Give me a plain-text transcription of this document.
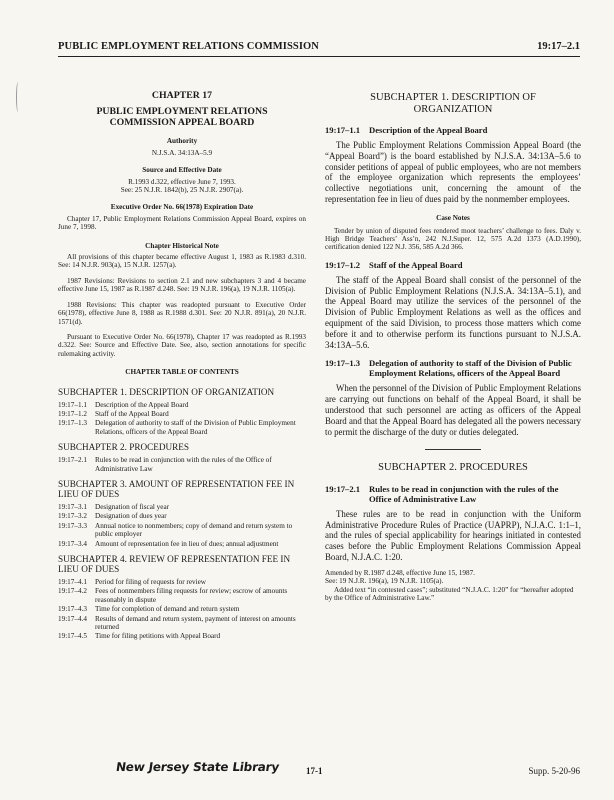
PUBLIC EMPLOYMENT RELATIONS COMMISSION	19:17–2.1
CHAPTER 17
PUBLIC EMPLOYMENT RELATIONS
COMMISSION APPEAL BOARD
Authority
N.J.S.A. 34:13A–5.9
Source and Effective Date
R.1993 d.322, effective June 7, 1993.
See: 25 N.J.R. 1842(b), 25 N.J.R. 2907(a).
Executive Order No. 66(1978) Expiration Date

Chapter 17, Public Employment Relations Commission Appeal Board, expires on June 7, 1998.

Chapter Historical Note

All provisions of this chapter became effective August 1, 1983 as R.1983 d.310. See: 14 N.J.R. 903(a), 15 N.J.R. 1257(a).

1987 Revisions: Revisions to section 2.1 and new subchapters 3 and 4 became effective June 15, 1987 as R.1987 d.248. See: 19 N.J.R. 196(a), 19 N.J.R. 1105(a).

1988 Revisions: This chapter was readopted pursuant to Executive Order 66(1978), effective June 8, 1988 as R.1988 d.301. See: 20 N.J.R. 891(a), 20 N.J.R. 1571(d).

Pursuant to Executive Order No. 66(1978), Chapter 17 was readopted as R.1993 d.322. See: Source and Effective Date. See, also, section annotations for specific rulemaking activity.

CHAPTER TABLE OF CONTENTS
SUBCHAPTER 1. DESCRIPTION OF ORGANIZATION
19:17–1.1	Description of the Appeal Board
19:17–1.2	Staff of the Appeal Board
19:17–1.3	Delegation of authority to staff of the Division of Public Employment Relations, officers of the Appeal Board
SUBCHAPTER 2. PROCEDURES
19:17–2.1	Rules to be read in conjunction with the rules of the Office of Administrative Law
SUBCHAPTER 3. AMOUNT OF REPRESENTATION FEE IN LIEU OF DUES
19:17–3.1	Designation of fiscal year
19:17–3.2	Designation of dues year
19:17–3.3	Annual notice to nonmembers; copy of demand and return system to public employer
19:17–3.4	Amount of representation fee in lieu of dues; annual adjustment
SUBCHAPTER 4. REVIEW OF REPRESENTATION FEE IN LIEU OF DUES
19:17–4.1	Period for filing of requests for review
19:17–4.2	Fees of nonmembers filing requests for review; escrow of amounts reasonably in dispute
19:17–4.3	Time for completion of demand and return system
19:17–4.4	Results of demand and return system, payment of interest on amounts returned
19:17–4.5	Time for filing petitions with Appeal Board
SUBCHAPTER 1. DESCRIPTION OF
ORGANIZATION
19:17–1.1	Description of the Appeal Board

The Public Employment Relations Commission Appeal Board (the “Appeal Board”) is the board established by N.J.S.A. 34:13A–5.6 to consider petitions of appeal of public employees, who are not members of the employee organization which represents the employees’ collective negotiations unit, concerning the amount of the representation fee in lieu of dues paid by the nonmember employees.

Case Notes

Tender by union of disputed fees rendered moot teachers’ challenge to fees. Daly v. High Bridge Teachers’ Ass’n, 242 N.J.Super. 12, 575 A.2d 1373 (A.D.1990), certification denied 122 N.J. 356, 585 A.2d 366.

19:17–1.2	Staff of the Appeal Board

The staff of the Appeal Board shall consist of the personnel of the Division of Public Employment Relations (N.J.S.A. 34:13A–5.1), and the Appeal Board may utilize the services of the personnel of the Division of Public Employment Relations as well as the offices and equipment of the said Division, to process those matters which come before it and to otherwise perform its functions pursuant to N.J.S.A. 34:13A–5.6.

19:17–1.3	Delegation of authority to staff of the Division of Public Employment Relations, officers of the Appeal Board

When the personnel of the Division of Public Employment Relations are carrying out functions on behalf of the Appeal Board, it shall be understood that such personnel are acting as officers of the Appeal Board and that the Appeal Board has delegated all the powers necessary to permit the discharge of the duty or duties delegated.

SUBCHAPTER 2. PROCEDURES
19:17–2.1	Rules to be read in conjunction with the rules of the Office of Administrative Law

These rules are to be read in conjunction with the Uniform Administrative Procedure Rules of Practice (UAPRP), N.J.A.C. 1:1–1, and the rules of special applicability for hearings initiated in contested cases before the Public Employment Relations Commission Appeal Board, N.J.A.C. 1:20.

Amended by R.1987 d.248, effective June 15, 1987.
See: 19 N.J.R. 196(a), 19 N.J.R. 1105(a).
Added text “in contested cases”; substituted “N.J.A.C. 1:20” for “hereafter adopted by the Office of Administrative Law.”
New Jersey State Library	17-1	Supp. 5-20-96
